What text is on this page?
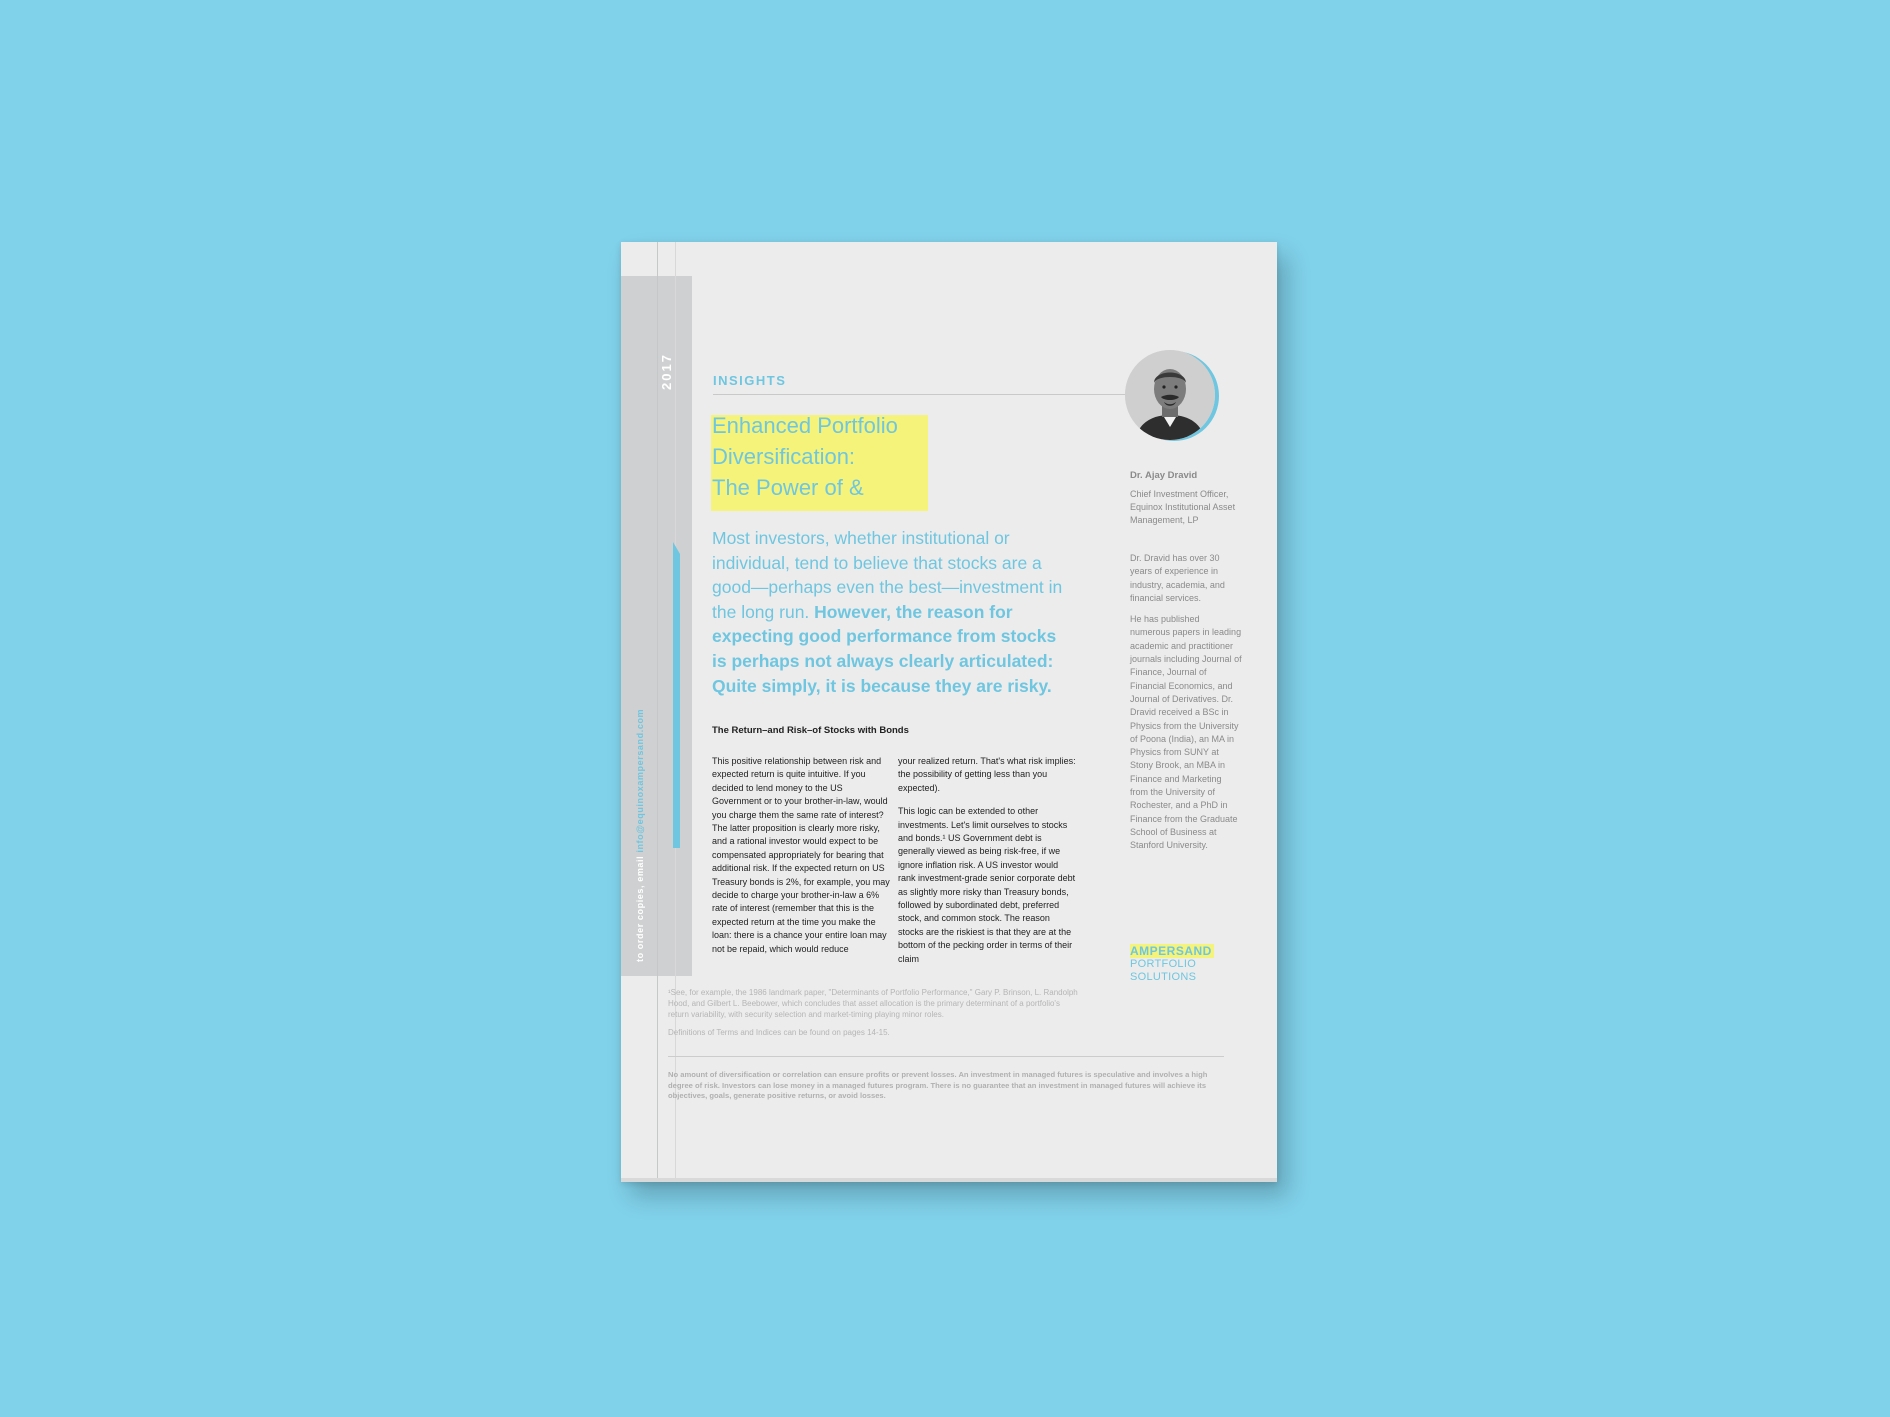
2017
to order copies, email info@equinoxampersand.com
INSIGHTS
Enhanced Portfolio
Diversification:
The Power of &
Most investors, whether institutional or individual, tend to believe that stocks are a good—perhaps even the best—investment in the long run. However, the reason for expecting good performance from stocks is perhaps not always clearly articulated: Quite simply, it is because they are risky.
The Return–and Risk–of Stocks with Bonds

This positive relationship between risk and expected return is quite intuitive. If you decided to lend money to the US Government or to your brother-in-law, would you charge them the same rate of interest? The latter proposition is clearly more risky, and a rational investor would expect to be compensated appropriately for bearing that additional risk. If the expected return on US Treasury bonds is 2%, for example, you may decide to charge your brother-in-law a 6% rate of interest (remember that this is the expected return at the time you make the loan: there is a chance your entire loan may not be repaid, which would reduce

your realized return. That's what risk implies: the possibility of getting less than you expected).

This logic can be extended to other investments. Let's limit ourselves to stocks and bonds.¹ US Government debt is generally viewed as being risk-free, if we ignore inflation risk. A US investor would rank investment-grade senior corporate debt as slightly more risky than Treasury bonds, followed by subordinated debt, preferred stock, and common stock. The reason stocks are the riskiest is that they are at the bottom of the pecking order in terms of their claim

Dr. Ajay Dravid
Chief Investment Officer, Equinox Institutional Asset Management, LP

Dr. Dravid has over 30 years of experience in industry, academia, and financial services.

He has published numerous papers in leading academic and practitioner journals including Journal of Finance, Journal of Financial Economics, and Journal of Derivatives. Dr. Dravid received a BSc in Physics from the University of Poona (India), an MA in Physics from SUNY at Stony Brook, an MBA in Finance and Marketing from the University of Rochester, and a PhD in Finance from the Graduate School of Business at Stanford University.

AMPERSAND
PORTFOLIO
SOLUTIONS
¹See, for example, the 1986 landmark paper, "Determinants of Portfolio Performance," Gary P. Brinson, L. Randolph Hood, and Gilbert L. Beebower, which concludes that asset allocation is the primary determinant of a portfolio's return variability, with security selection and market-timing playing minor roles.
Definitions of Terms and Indices can be found on pages 14-15.
No amount of diversification or correlation can ensure profits or prevent losses. An investment in managed futures is speculative and involves a high degree of risk. Investors can lose money in a managed futures program. There is no guarantee that an investment in managed futures will achieve its objectives, goals, generate positive returns, or avoid losses.
